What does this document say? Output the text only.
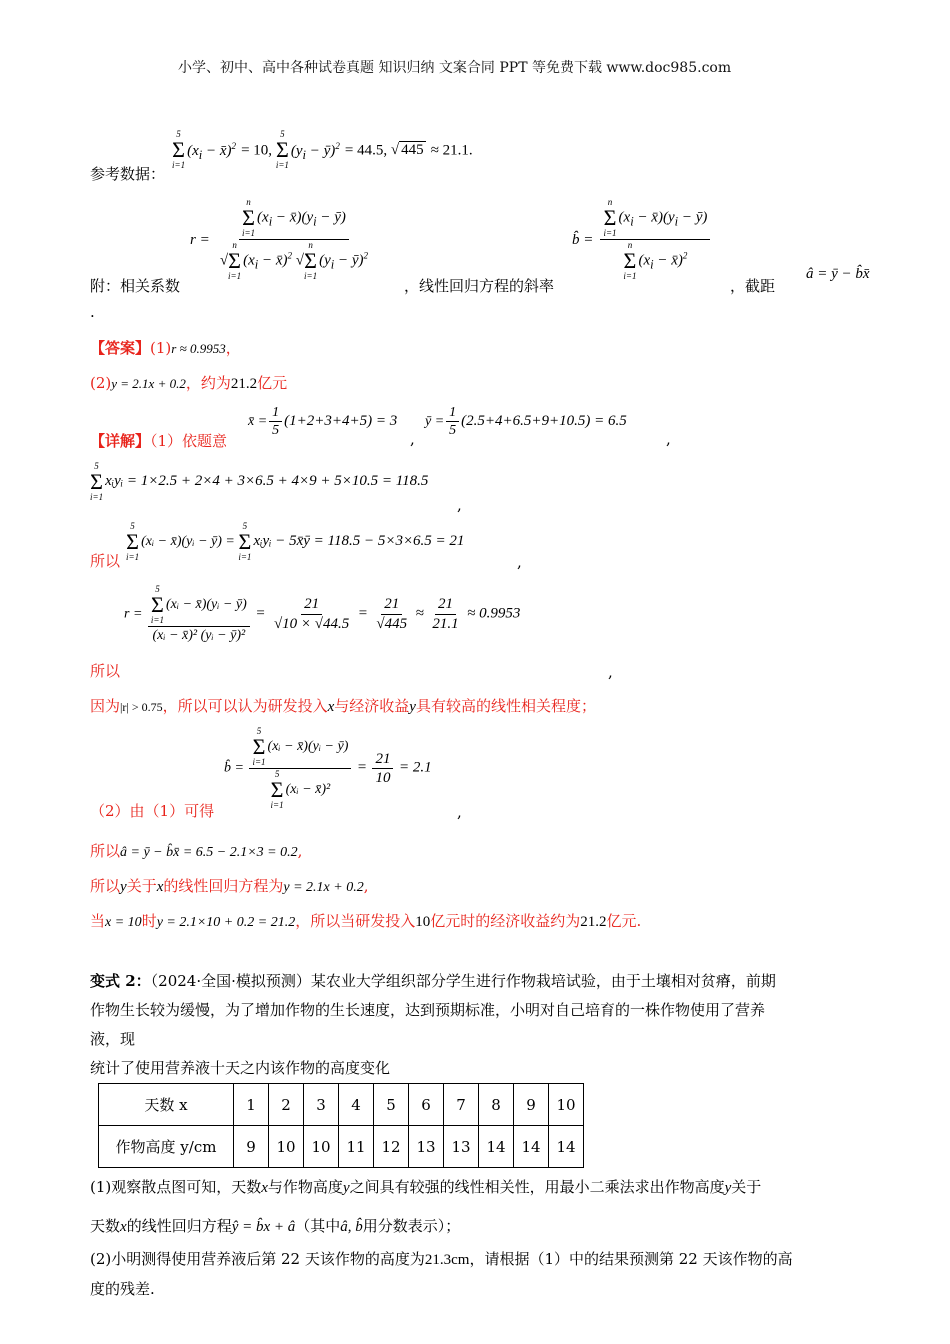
小学、初中、高中各种试卷真题 知识归纳 文案合同 PPT 等免费下载 www.doc985.com
5
Σ
i=1
($x_i$ − x̄)$^2$ = 10,
5
Σ
i=1
($y_i$ − ȳ)$^2$ = 44.5, √ 445 ≈ 21.1.
参考数据：
r = n
Σ
i=1
($x_i$ − $x̄)(y_i$ − ȳ)
√
n
Σ
i=1
($x_i$ − x̄)$^2$ √
n
Σ
i=1
($y_i$ − ȳ)$^2$	b̂ = n
Σ
i=1
($x_i$ − $x̄)(y_i$ − ȳ)
n
Σ
i=1
($x_i$ − x̄)$^2$
附：相关系数	，线性回归方程的斜率	，截距
â = ȳ − b̂x̄
.
【答案】(1)r ≈ 0.9953，
(2)y = 2.1x + 0.2，约为21.2亿元
【详解】（1）依题意
x̄ = $\frac{1}{5} (1+2+3+4+5) = 3$
,
ȳ = $\frac{1}{5} (2.5+4+6.5+9+10.5) = 6.5$
,
5
Σ
i=1
xᵢyᵢ = 1×2.5 + 2×4 + 3×6.5 + 4×9 + 5×10.5 = 118.5
,
所以
5
Σ
i=1
(xᵢ − x̄)(yᵢ − ȳ) =
5
Σ
i=1
xᵢyᵢ − 5x̄ȳ = 118.5 − 5×3×6.5 = 21
,
r = 5
Σ
i=1
(xᵢ − x̄)(yᵢ − ȳ)
(xᵢ − x̄)² (yᵢ − ȳ)² = $\frac{21}{√10 \times √44.5} = \frac{21}{√445} \approx \frac{21}{21.1} \approx 0.9953$
所以	,
因为|r| > 0.75，所以可以认为研发投入x与经济收益y具有较高的线性相关程度；
b̂ = 5
Σ
i=1
(xᵢ − x̄)(yᵢ − ȳ)
5
Σ
i=1
(xᵢ − x̄)² = $\frac{21}{10} = 2.1$
（2）由（1）可得	,
所以â = ȳ − b̂x̄ = 6.5 − 2.1×3 = 0.2,
所以y关于x的线性回归方程为y = 2.1x + 0.2,
当x = 10时y = 2.1×10 + 0.2 = 21.2，所以当研发投入10亿元时的经济收益约为21.2亿元.
变式 2：（2024·全国·模拟预测）某农业大学组织部分学生进行作物栽培试验，由于土壤相对贫瘠，前期
作物生长较为缓慢，为了增加作物的生长速度，达到预期标准，小明对自己培育的一株作物使用了营养
液，现
统计了使用营养液十天之内该作物的高度变化
天数 x	1	2	3	4	5	6	7	8	9	10
作物高度 y/cm	9	10	10	11	12	13	13	14	14	14
(1)观察散点图可知，天数x与作物高度y之间具有较强的线性相关性，用最小二乘法求出作物高度y关于
天数x的线性回归方程ŷ = b̂x + â（其中â, b̂用分数表示）；
(2)小明测得使用营养液后第 22 天该作物的高度为21.3cm，请根据（1）中的结果预测第 22 天该作物的高
度的残差.
